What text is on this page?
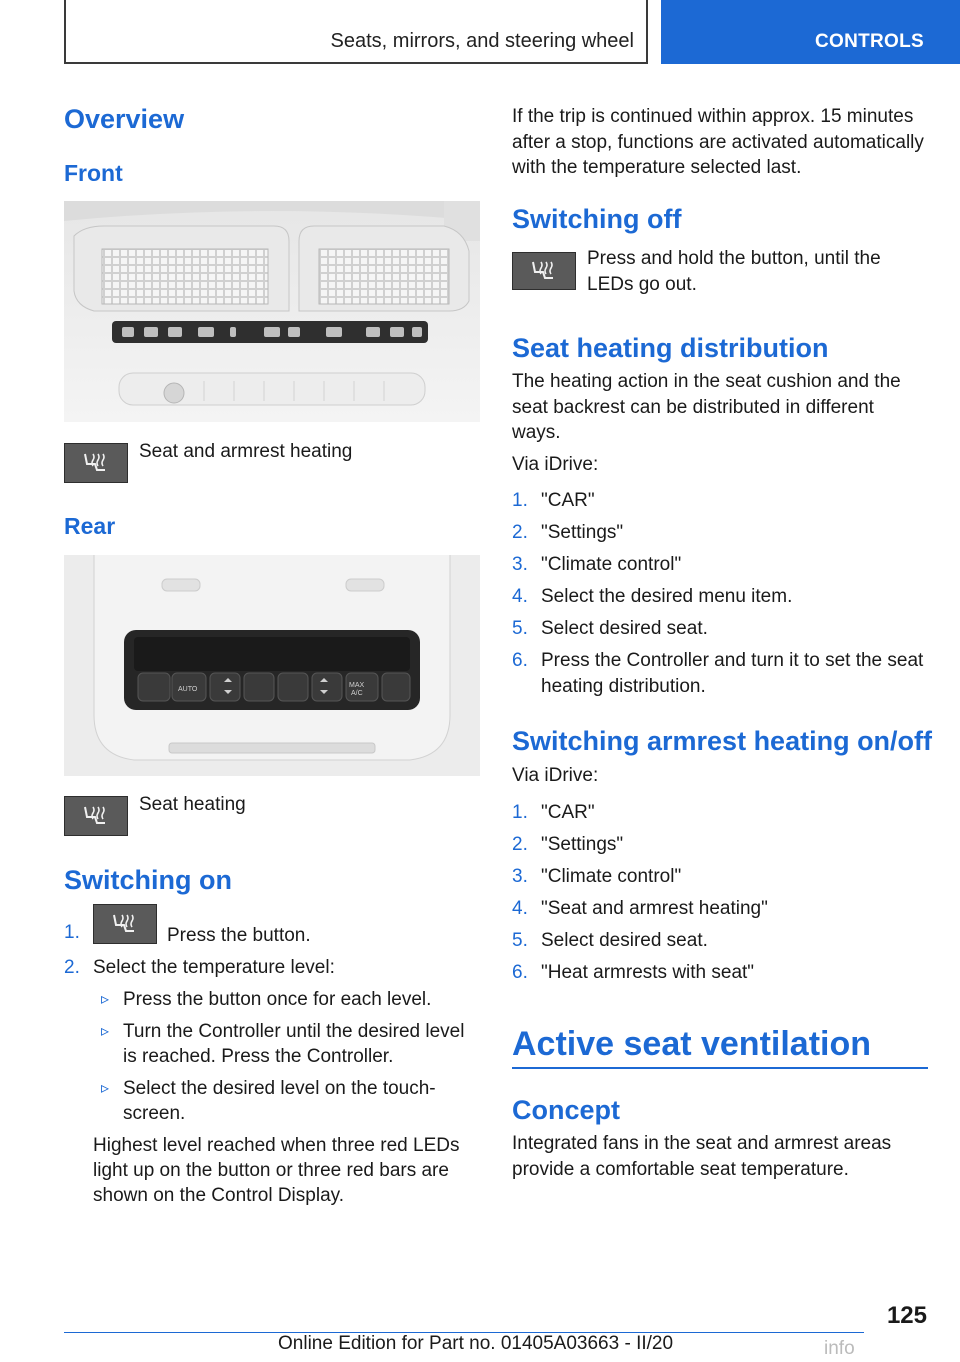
Seats, mirrors, and steering wheel	CONTROLS
Overview
Front
Seat and armrest heating
Rear
AUTO
MAX
A/C
Seat heating
Switching on
1.	Press the button.
2. Select the temperature level:
▹ Press the button once for each level.
▹ Turn the Controller until the desired level
is reached. Press the Controller.
▹ Select the desired level on the touch-
screen.
Highest level reached when three red LEDs
light up on the button or three red bars are
shown on the Control Display.
If the trip is continued within approx. 15 minutes
after a stop, functions are activated automatically
with the temperature selected last.
Switching off
Press and hold the button, until the
LEDs go out.
Seat heating distribution
The heating action in the seat cushion and the
seat backrest can be distributed in different
ways.
Via iDrive:
1. "CAR"
2. "Settings"
3. "Climate control"
4. Select the desired menu item.
5. Select desired seat.
6. Press the Controller and turn it to set the seat
heating distribution.
Switching armrest heating on/off
Via iDrive:
1. "CAR"
2. "Settings"
3. "Climate control"
4. "Seat and armrest heating"
5. Select desired seat.
6. "Heat armrests with seat"
Active seat ventilation
Concept
Integrated fans in the seat and armrest areas
provide a comfortable seat temperature.
125
Online Edition for Part no. 01405A03663 - II/20	info
